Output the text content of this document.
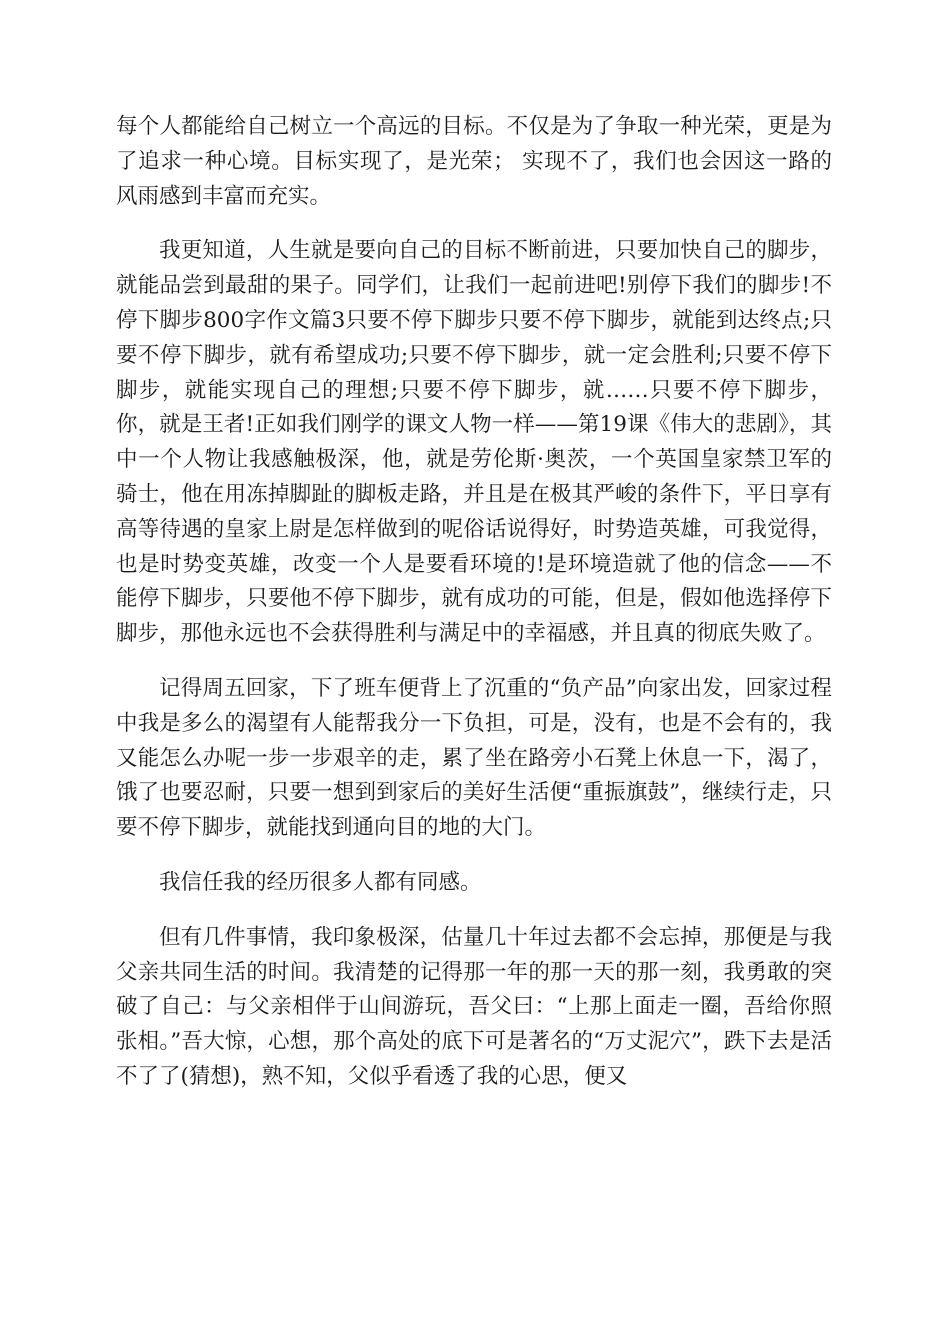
每个人都能给自己树立一个高远的目标。不仅是为了争取一种光荣，更是为了追求一种心境。目标实现了，是光荣； 实现不了，我们也会因这一路的风雨感到丰富而充实。

我更知道，人生就是要向自己的目标不断前进，只要加快自己的脚步，就能品尝到最甜的果子。同学们，让我们一起前进吧!别停下我们的脚步!不停下脚步800字作文篇3只要不停下脚步只要不停下脚步，就能到达终点;只要不停下脚步，就有希望成功;只要不停下脚步，就一定会胜利;只要不停下脚步，就能实现自己的理想;只要不停下脚步，就……只要不停下脚步，你，就是王者!正如我们刚学的课文人物一样——第19课《伟大的悲剧》，其中一个人物让我感触极深，他，就是劳伦斯·奥茨，一个英国皇家禁卫军的骑士，他在用冻掉脚趾的脚板走路，并且是在极其严峻的条件下，平日享有高等待遇的皇家上尉是怎样做到的呢俗话说得好，时势造英雄，可我觉得，也是时势变英雄，改变一个人是要看环境的!是环境造就了他的信念——不能停下脚步，只要他不停下脚步，就有成功的可能，但是，假如他选择停下脚步，那他永远也不会获得胜利与满足中的幸福感，并且真的彻底失败了。

记得周五回家，下了班车便背上了沉重的“负产品”向家出发，回家过程中我是多么的渴望有人能帮我分一下负担，可是，没有，也是不会有的，我又能怎么办呢一步一步艰辛的走，累了坐在路旁小石凳上休息一下，渴了，饿了也要忍耐，只要一想到到家后的美好生活便“重振旗鼓”，继续行走，只要不停下脚步，就能找到通向目的地的大门。

我信任我的经历很多人都有同感。

但有几件事情，我印象极深，估量几十年过去都不会忘掉，那便是与我父亲共同生活的时间。我清楚的记得那一年的那一天的那一刻，我勇敢的突破了自己：与父亲相伴于山间游玩，吾父曰：“上那上面走一圈，吾给你照张相。”吾大惊，心想，那个高处的底下可是著名的“万丈泥穴”，跌下去是活不了了(猜想)，熟不知，父似乎看透了我的心思，便又
